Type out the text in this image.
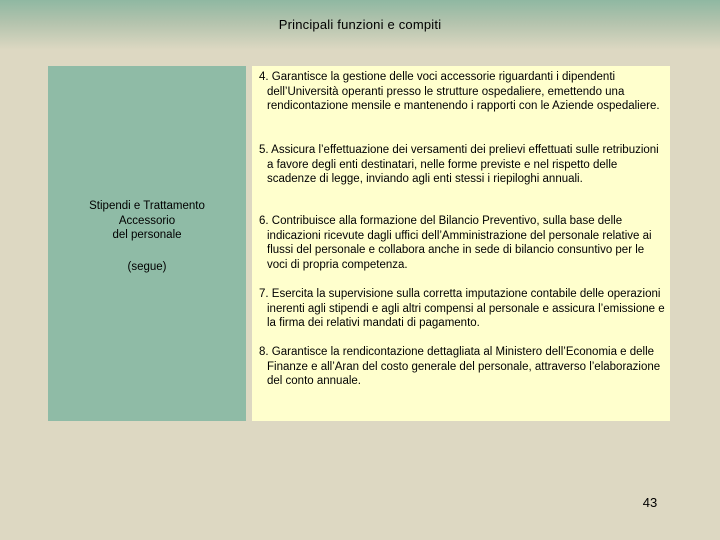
Principali funzioni e compiti
Stipendi e Trattamento
Accessorio
del personale
(segue)

4. Garantisce la gestione delle voci accessorie riguardanti i dipendenti dell’Università operanti presso le strutture ospedaliere, emettendo una rendicontazione mensile e mantenendo i rapporti con le Aziende ospedaliere.

5. Assicura l’effettuazione dei versamenti dei prelievi effettuati sulle retribuzioni a favore degli enti destinatari, nelle forme previste e nel rispetto delle scadenze di legge, inviando agli enti stessi i riepiloghi annuali.

6. Contribuisce alla formazione del Bilancio Preventivo, sulla base delle indicazioni ricevute dagli uffici dell’Amministrazione del personale relative ai flussi del personale e collabora anche in sede di bilancio consuntivo per le voci di propria competenza.

7. Esercita la supervisione sulla corretta imputazione contabile delle operazioni inerenti agli stipendi e agli altri compensi al personale e assicura l’emissione e la firma dei relativi mandati di pagamento.

8. Garantisce la rendicontazione dettagliata al Ministero dell’Economia e delle Finanze e all’Aran del costo generale del personale, attraverso l’elaborazione del conto annuale.

43
